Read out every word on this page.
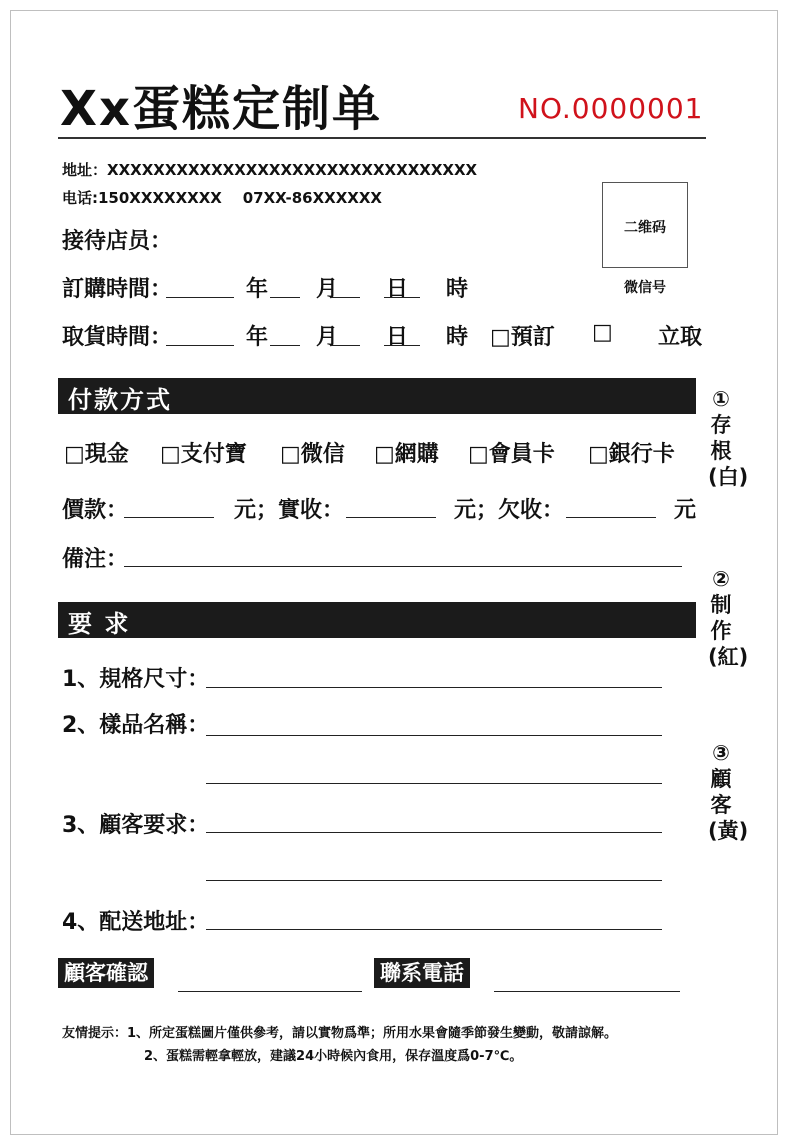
Xx蛋糕定制单	NO.0000001
地址：XXXXXXXXXXXXXXXXXXXXXXXXXXXXXXXX
电话:150XXXXXXXX    07XX-86XXXXXX
二维码
微信号
接待店员：
訂購時間：	年 月 日 時
取貨時間：	年 月 日 時 □預訂 □ 立取
付款方式
□現金 □支付寶 □微信 □網購 □會員卡 □銀行卡
價款：	元；實收：	元；欠收：	元
備注：
要 求
1、規格尺寸：
2、樣品名稱：
3、顧客要求：
4、配送地址：
顧客確認	聯系電話
①
存根(白)
②
制作(紅)
③
顧客(黃)
友情提示：1、所定蛋糕圖片僅供參考，請以實物爲準；所用水果會隨季節發生變動，敬請諒解。
2、蛋糕需輕拿輕放，建議24小時候內食用，保存溫度爲0-7℃。
